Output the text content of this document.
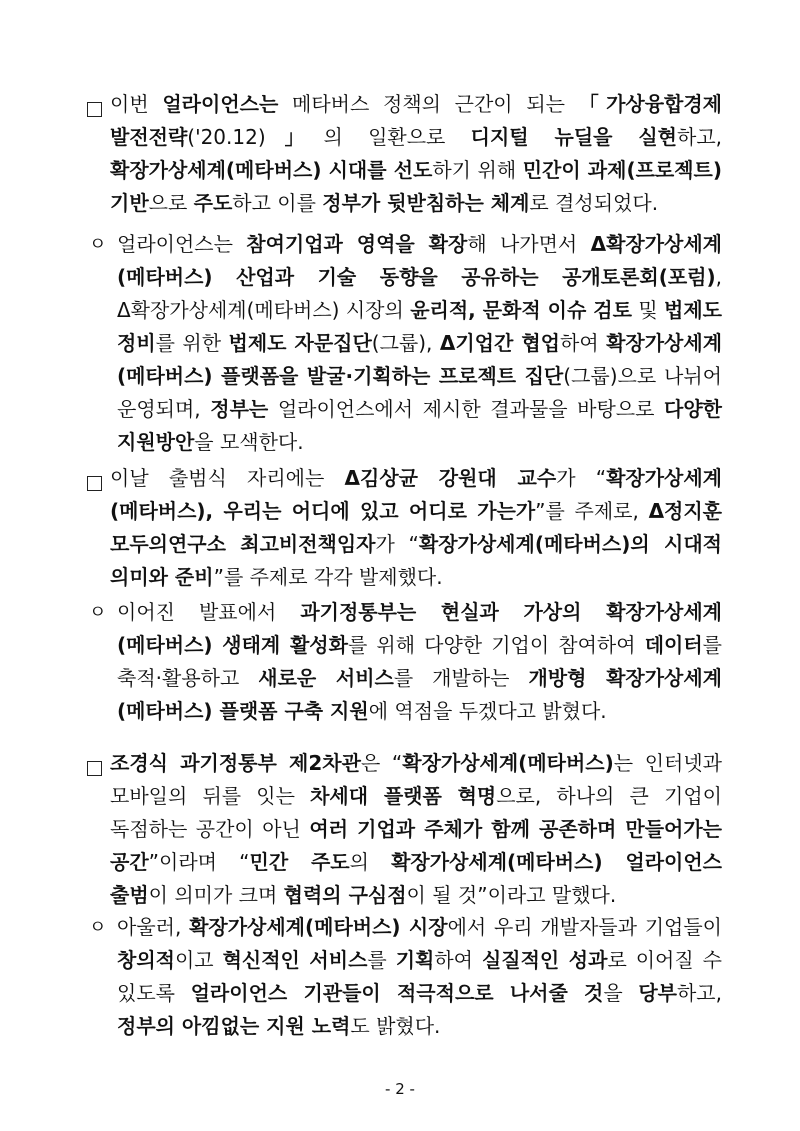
이번 얼라이언스는 메타버스 정책의 근간이 되는 「가상융합경제 발전전략('20.12)」의 일환으로 디지털 뉴딜을 실현하고, 확장가상세계(메타버스) 시대를 선도하기 위해 민간이 과제(프로젝트) 기반으로 주도하고 이를 정부가 뒷받침하는 체계로 결성되었다.
ㅇ 얼라이언스는 참여기업과 영역을 확장해 나가면서 Δ확장가상세계(메타버스) 산업과 기술 동향을 공유하는 공개토론회(포럼), Δ확장가상세계(메타버스) 시장의 윤리적, 문화적 이슈 검토 및 법제도 정비를 위한 법제도 자문집단(그룹), Δ기업간 협업하여 확장가상세계(메타버스) 플랫폼을 발굴·기획하는 프로젝트 집단(그룹)으로 나뉘어 운영되며, 정부는 얼라이언스에서 제시한 결과물을 바탕으로 다양한 지원방안을 모색한다.
이날 출범식 자리에는 Δ김상균 강원대 교수가 “확장가상세계(메타버스), 우리는 어디에 있고 어디로 가는가”를 주제로, Δ정지훈 모두의연구소 최고비전책임자가 “확장가상세계(메타버스)의 시대적 의미와 준비”를 주제로 각각 발제했다.
ㅇ 이어진 발표에서 과기정통부는 현실과 가상의 확장가상세계(메타버스) 생태계 활성화를 위해 다양한 기업이 참여하여 데이터를 축적·활용하고 새로운 서비스를 개발하는 개방형 확장가상세계(메타버스) 플랫폼 구축 지원에 역점을 두겠다고 밝혔다.
조경식 과기정통부 제2차관은 “확장가상세계(메타버스)는 인터넷과 모바일의 뒤를 잇는 차세대 플랫폼 혁명으로, 하나의 큰 기업이 독점하는 공간이 아닌 여러 기업과 주체가 함께 공존하며 만들어가는 공간”이라며 “민간 주도의 확장가상세계(메타버스) 얼라이언스 출범이 의미가 크며 협력의 구심점이 될 것”이라고 말했다.
ㅇ 아울러, 확장가상세계(메타버스) 시장에서 우리 개발자들과 기업들이 창의적이고 혁신적인 서비스를 기획하여 실질적인 성과로 이어질 수 있도록 얼라이언스 기관들이 적극적으로 나서줄 것을 당부하고, 정부의 아낌없는 지원 노력도 밝혔다.
- 2 -
